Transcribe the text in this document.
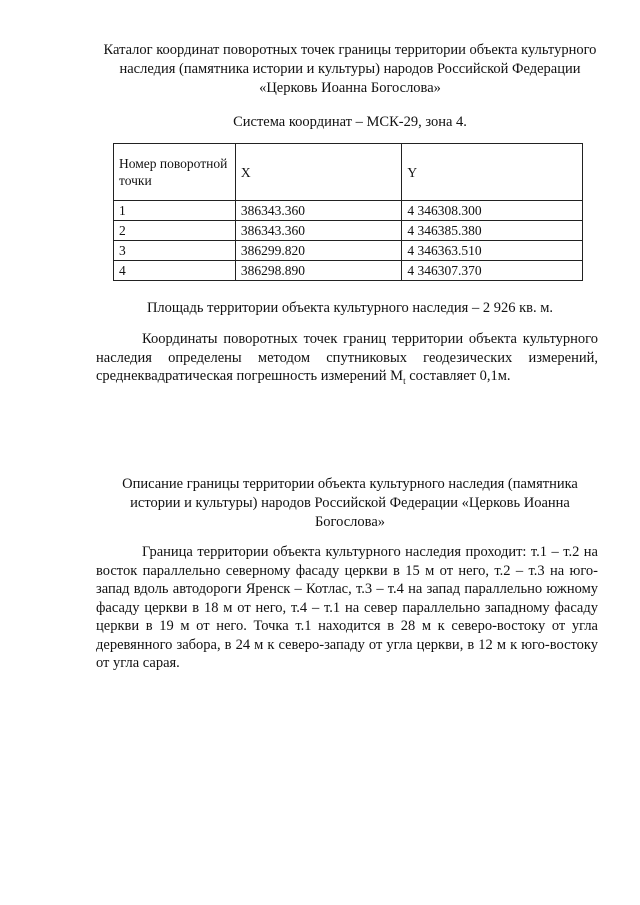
Каталог координат поворотных точек границы территории объекта культурного наследия (памятника истории и культуры) народов Российской Федерации «Церковь Иоанна Богослова»
Система координат – МСК-29, зона 4.
Номер поворотной точки	X	Y
1	386343.360	4 346308.300
2	386343.360	4 346385.380
3	386299.820	4 346363.510
4	386298.890	4 346307.370
Площадь территории объекта культурного наследия – 2 926 кв. м.
Координаты поворотных точек границ территории объекта культурного наследия определены методом спутниковых геодезических измерений, среднеквадратическая погрешность измерений $M_t$ составляет 0,1м.
Описание границы территории объекта культурного наследия (памятника истории и культуры) народов Российской Федерации «Церковь Иоанна Богослова»
Граница территории объекта культурного наследия проходит: т.1 – т.2 на восток параллельно северному фасаду церкви в 15 м от него, т.2 – т.3 на юго-запад вдоль автодороги Яренск – Котлас, т.3 – т.4 на запад параллельно южному фасаду церкви в 18 м от него, т.4 – т.1 на север параллельно западному фасаду церкви в 19 м от него. Точка т.1 находится в 28 м к северо-востоку от угла деревянного забора, в 24 м к северо-западу от угла церкви, в 12 м к юго-востоку от угла сарая.
